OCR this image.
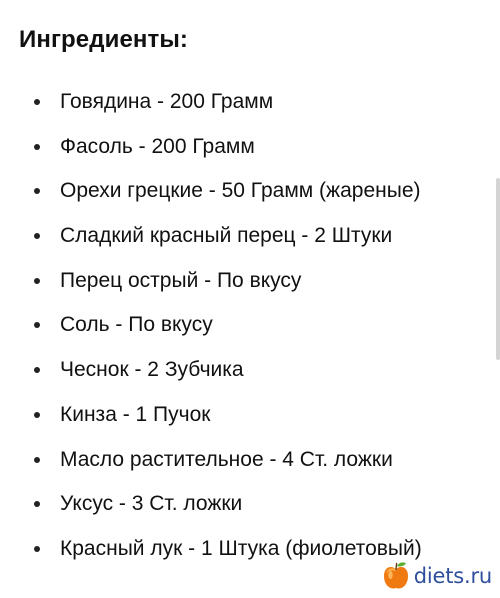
Ингредиенты:
Говядина - 200 Грамм
Фасоль - 200 Грамм
Орехи грецкие - 50 Грамм (жареные)
Сладкий красный перец - 2 Штуки
Перец острый - По вкусу
Соль - По вкусу
Чеснок - 2 Зубчика
Кинза - 1 Пучок
Масло растительное - 4 Ст. ложки
Уксус - 3 Ст. ложки
Красный лук - 1 Штука (фиолетовый)
diets.ru
